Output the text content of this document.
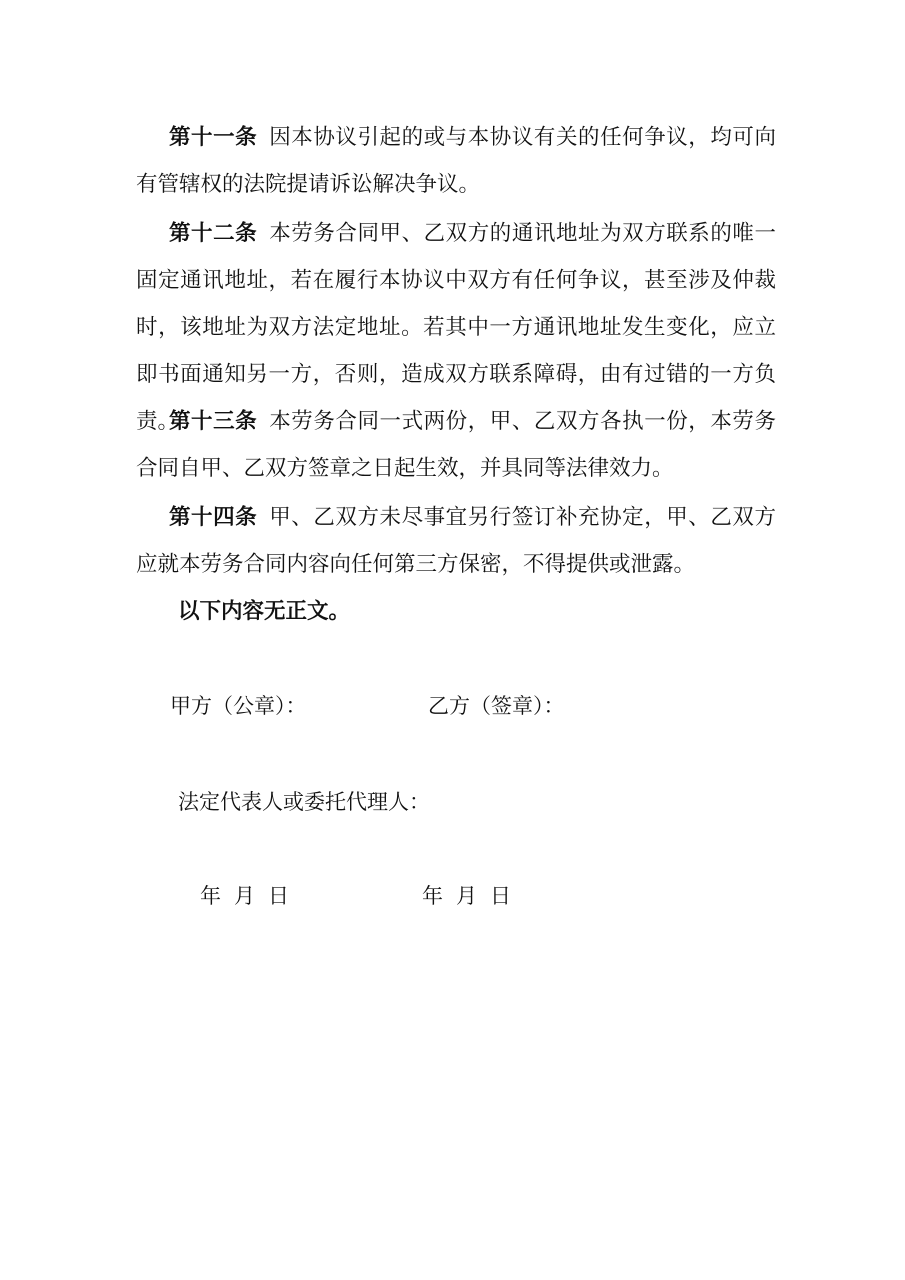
第十一条 因本协议引起的或与本协议有关的任何争议，均可向有管辖权的法院提请诉讼解决争议。

第十二条 本劳务合同甲、乙双方的通讯地址为双方联系的唯一固定通讯地址，若在履行本协议中双方有任何争议，甚至涉及仲裁时，该地址为双方法定地址。若其中一方通讯地址发生变化，应立即书面通知另一方，否则，造成双方联系障碍，由有过错的一方负责。

第十三条 本劳务合同一式两份，甲、乙双方各执一份，本劳务合同自甲、乙双方签章之日起生效，并具同等法律效力。

第十四条 甲、乙双方未尽事宜另行签订补充协定，甲、乙双方应就本劳务合同内容向任何第三方保密，不得提供或泄露。

以下内容无正文。

甲方（公章）：	乙方（签章）：
法定代表人或委托代理人：
年 月 日	年 月 日
